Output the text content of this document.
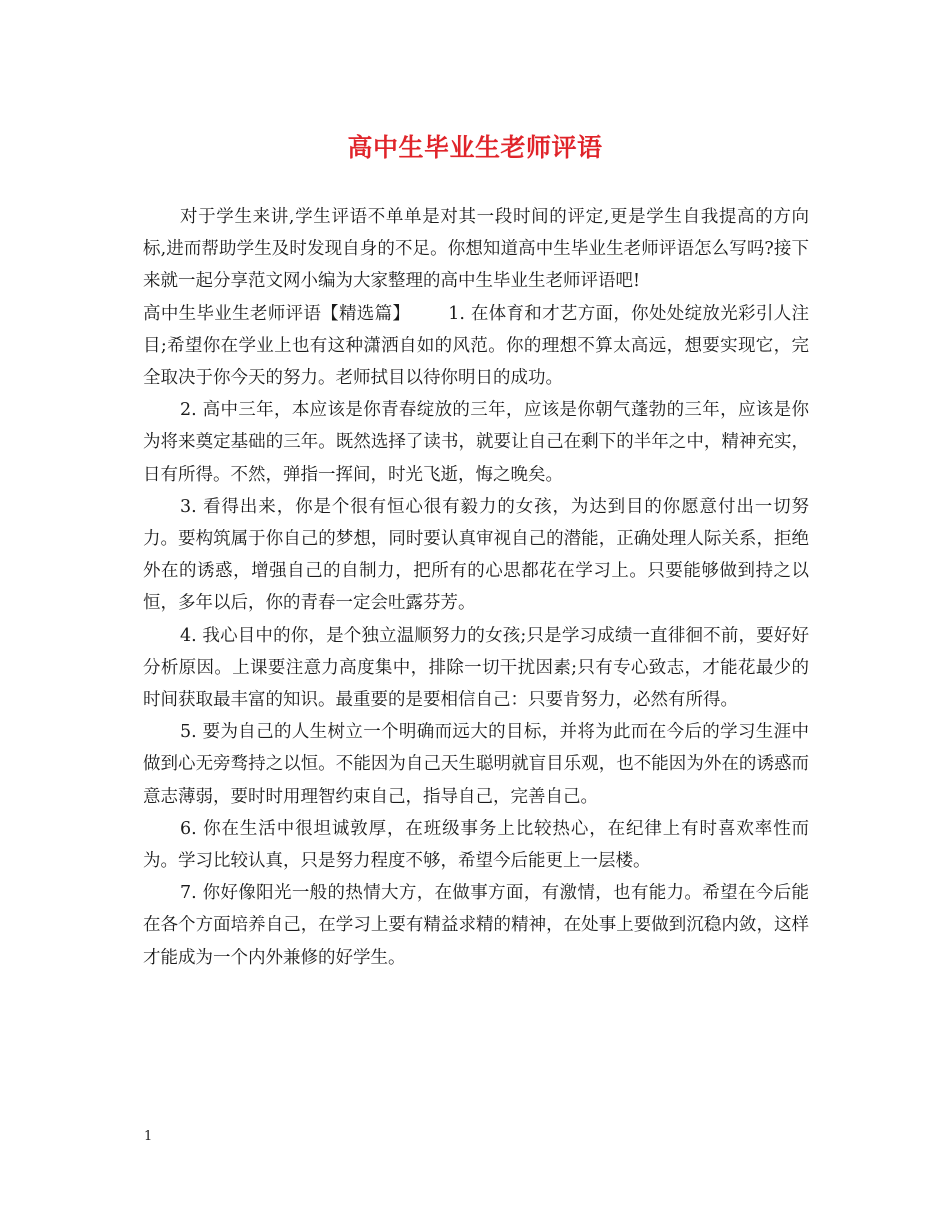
高中生毕业生老师评语

对于学生来讲,学生评语不单单是对其一段时间的评定,更是学生自我提高的方向标,进而帮助学生及时发现自身的不足。你想知道高中生毕业生老师评语怎么写吗?接下来就一起分享范文网小编为大家整理的高中生毕业生老师评语吧!

高中生毕业生老师评语【精选篇】 1. 在体育和才艺方面，你处处绽放光彩引人注目;希望你在学业上也有这种潇洒自如的风范。你的理想不算太高远，想要实现它，完全取决于你今天的努力。老师拭目以待你明日的成功。

2. 高中三年，本应该是你青春绽放的三年，应该是你朝气蓬勃的三年，应该是你为将来奠定基础的三年。既然选择了读书，就要让自己在剩下的半年之中，精神充实，日有所得。不然，弹指一挥间，时光飞逝，悔之晚矣。

3. 看得出来，你是个很有恒心很有毅力的女孩，为达到目的你愿意付出一切努力。要构筑属于你自己的梦想，同时要认真审视自己的潜能，正确处理人际关系，拒绝外在的诱惑，增强自己的自制力，把所有的心思都花在学习上。只要能够做到持之以恒，多年以后，你的青春一定会吐露芬芳。

4. 我心目中的你，是个独立温顺努力的女孩;只是学习成绩一直徘徊不前，要好好分析原因。上课要注意力高度集中，排除一切干扰因素;只有专心致志，才能花最少的时间获取最丰富的知识。最重要的是要相信自己：只要肯努力，必然有所得。

5. 要为自己的人生树立一个明确而远大的目标，并将为此而在今后的学习生涯中做到心无旁骛持之以恒。不能因为自己天生聪明就盲目乐观，也不能因为外在的诱惑而意志薄弱，要时时用理智约束自己，指导自己，完善自己。

6. 你在生活中很坦诚敦厚，在班级事务上比较热心，在纪律上有时喜欢率性而为。学习比较认真，只是努力程度不够，希望今后能更上一层楼。

7. 你好像阳光一般的热情大方，在做事方面，有激情，也有能力。希望在今后能在各个方面培养自己，在学习上要有精益求精的精神，在处事上要做到沉稳内敛，这样才能成为一个内外兼修的好学生。

1
